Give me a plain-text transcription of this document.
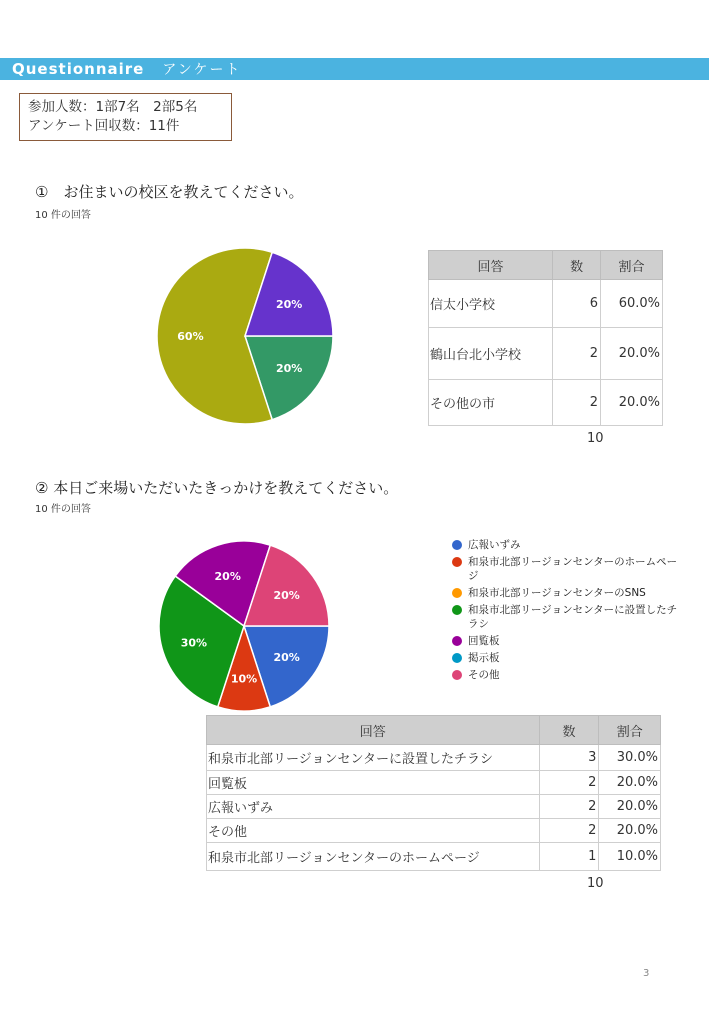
Questionnaire アンケート
参加人数：1部7名　2部5名
アンケート回収数：11件
①　お住まいの校区を教えてください。
10 件の回答
20%
60%
20%
回答	数	割合
信太小学校	6	60.0%
鶴山台北小学校	2	20.0%
その他の市	2	20.0%
10
② 本日ご来場いただいたきっかけを教えてください。
10 件の回答
20%
10%
30%
20%
20%
広報いずみ
和泉市北部リージョンセンターのホームページ
和泉市北部リージョンセンターのSNS
和泉市北部リージョンセンターに設置したチラシ
回覧板
掲示板
その他
回答	数	割合
和泉市北部リージョンセンターに設置したチラシ	3	30.0%
回覧板	2	20.0%
広報いずみ	2	20.0%
その他	2	20.0%
和泉市北部リージョンセンターのホームページ	1	10.0%
10
3
